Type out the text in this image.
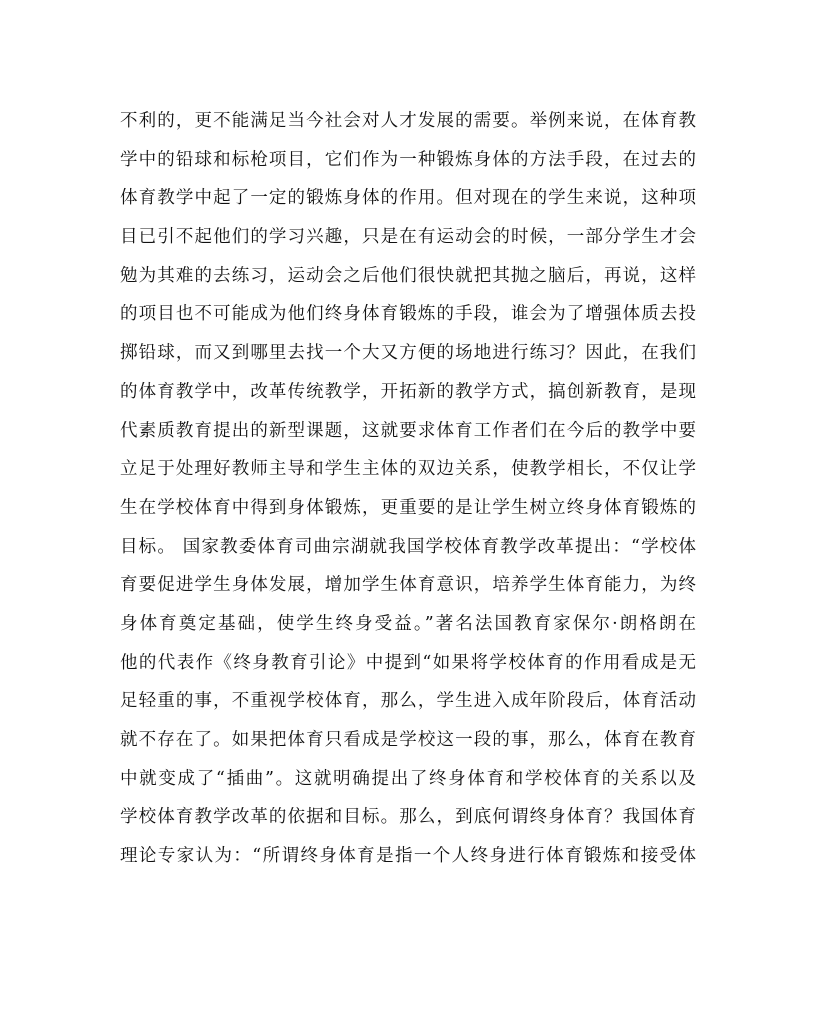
不利的，更不能满足当今社会对人才发展的需要。举例来说，在体育教
学中的铅球和标枪项目，它们作为一种锻炼身体的方法手段，在过去的
体育教学中起了一定的锻炼身体的作用。但对现在的学生来说，这种项
目已引不起他们的学习兴趣，只是在有运动会的时候，一部分学生才会
勉为其难的去练习，运动会之后他们很快就把其抛之脑后，再说，这样
的项目也不可能成为他们终身体育锻炼的手段，谁会为了增强体质去投
掷铅球，而又到哪里去找一个大又方便的场地进行练习？因此，在我们
的体育教学中，改革传统教学，开拓新的教学方式，搞创新教育，是现
代素质教育提出的新型课题，这就要求体育工作者们在今后的教学中要
立足于处理好教师主导和学生主体的双边关系，使教学相长，不仅让学
生在学校体育中得到身体锻炼，更重要的是让学生树立终身体育锻炼的
目标。 国家教委体育司曲宗湖就我国学校体育教学改革提出：“学校体
育要促进学生身体发展，增加学生体育意识，培养学生体育能力，为终
身体育奠定基础，使学生终身受益。”著名法国教育家保尔·朗格朗在
他的代表作《终身教育引论》中提到“如果将学校体育的作用看成是无
足轻重的事，不重视学校体育，那么，学生进入成年阶段后，体育活动
就不存在了。如果把体育只看成是学校这一段的事，那么，体育在教育
中就变成了“插曲”。这就明确提出了终身体育和学校体育的关系以及
学校体育教学改革的依据和目标。那么，到底何谓终身体育？我国体育
理论专家认为：“所谓终身体育是指一个人终身进行体育锻炼和接受体
